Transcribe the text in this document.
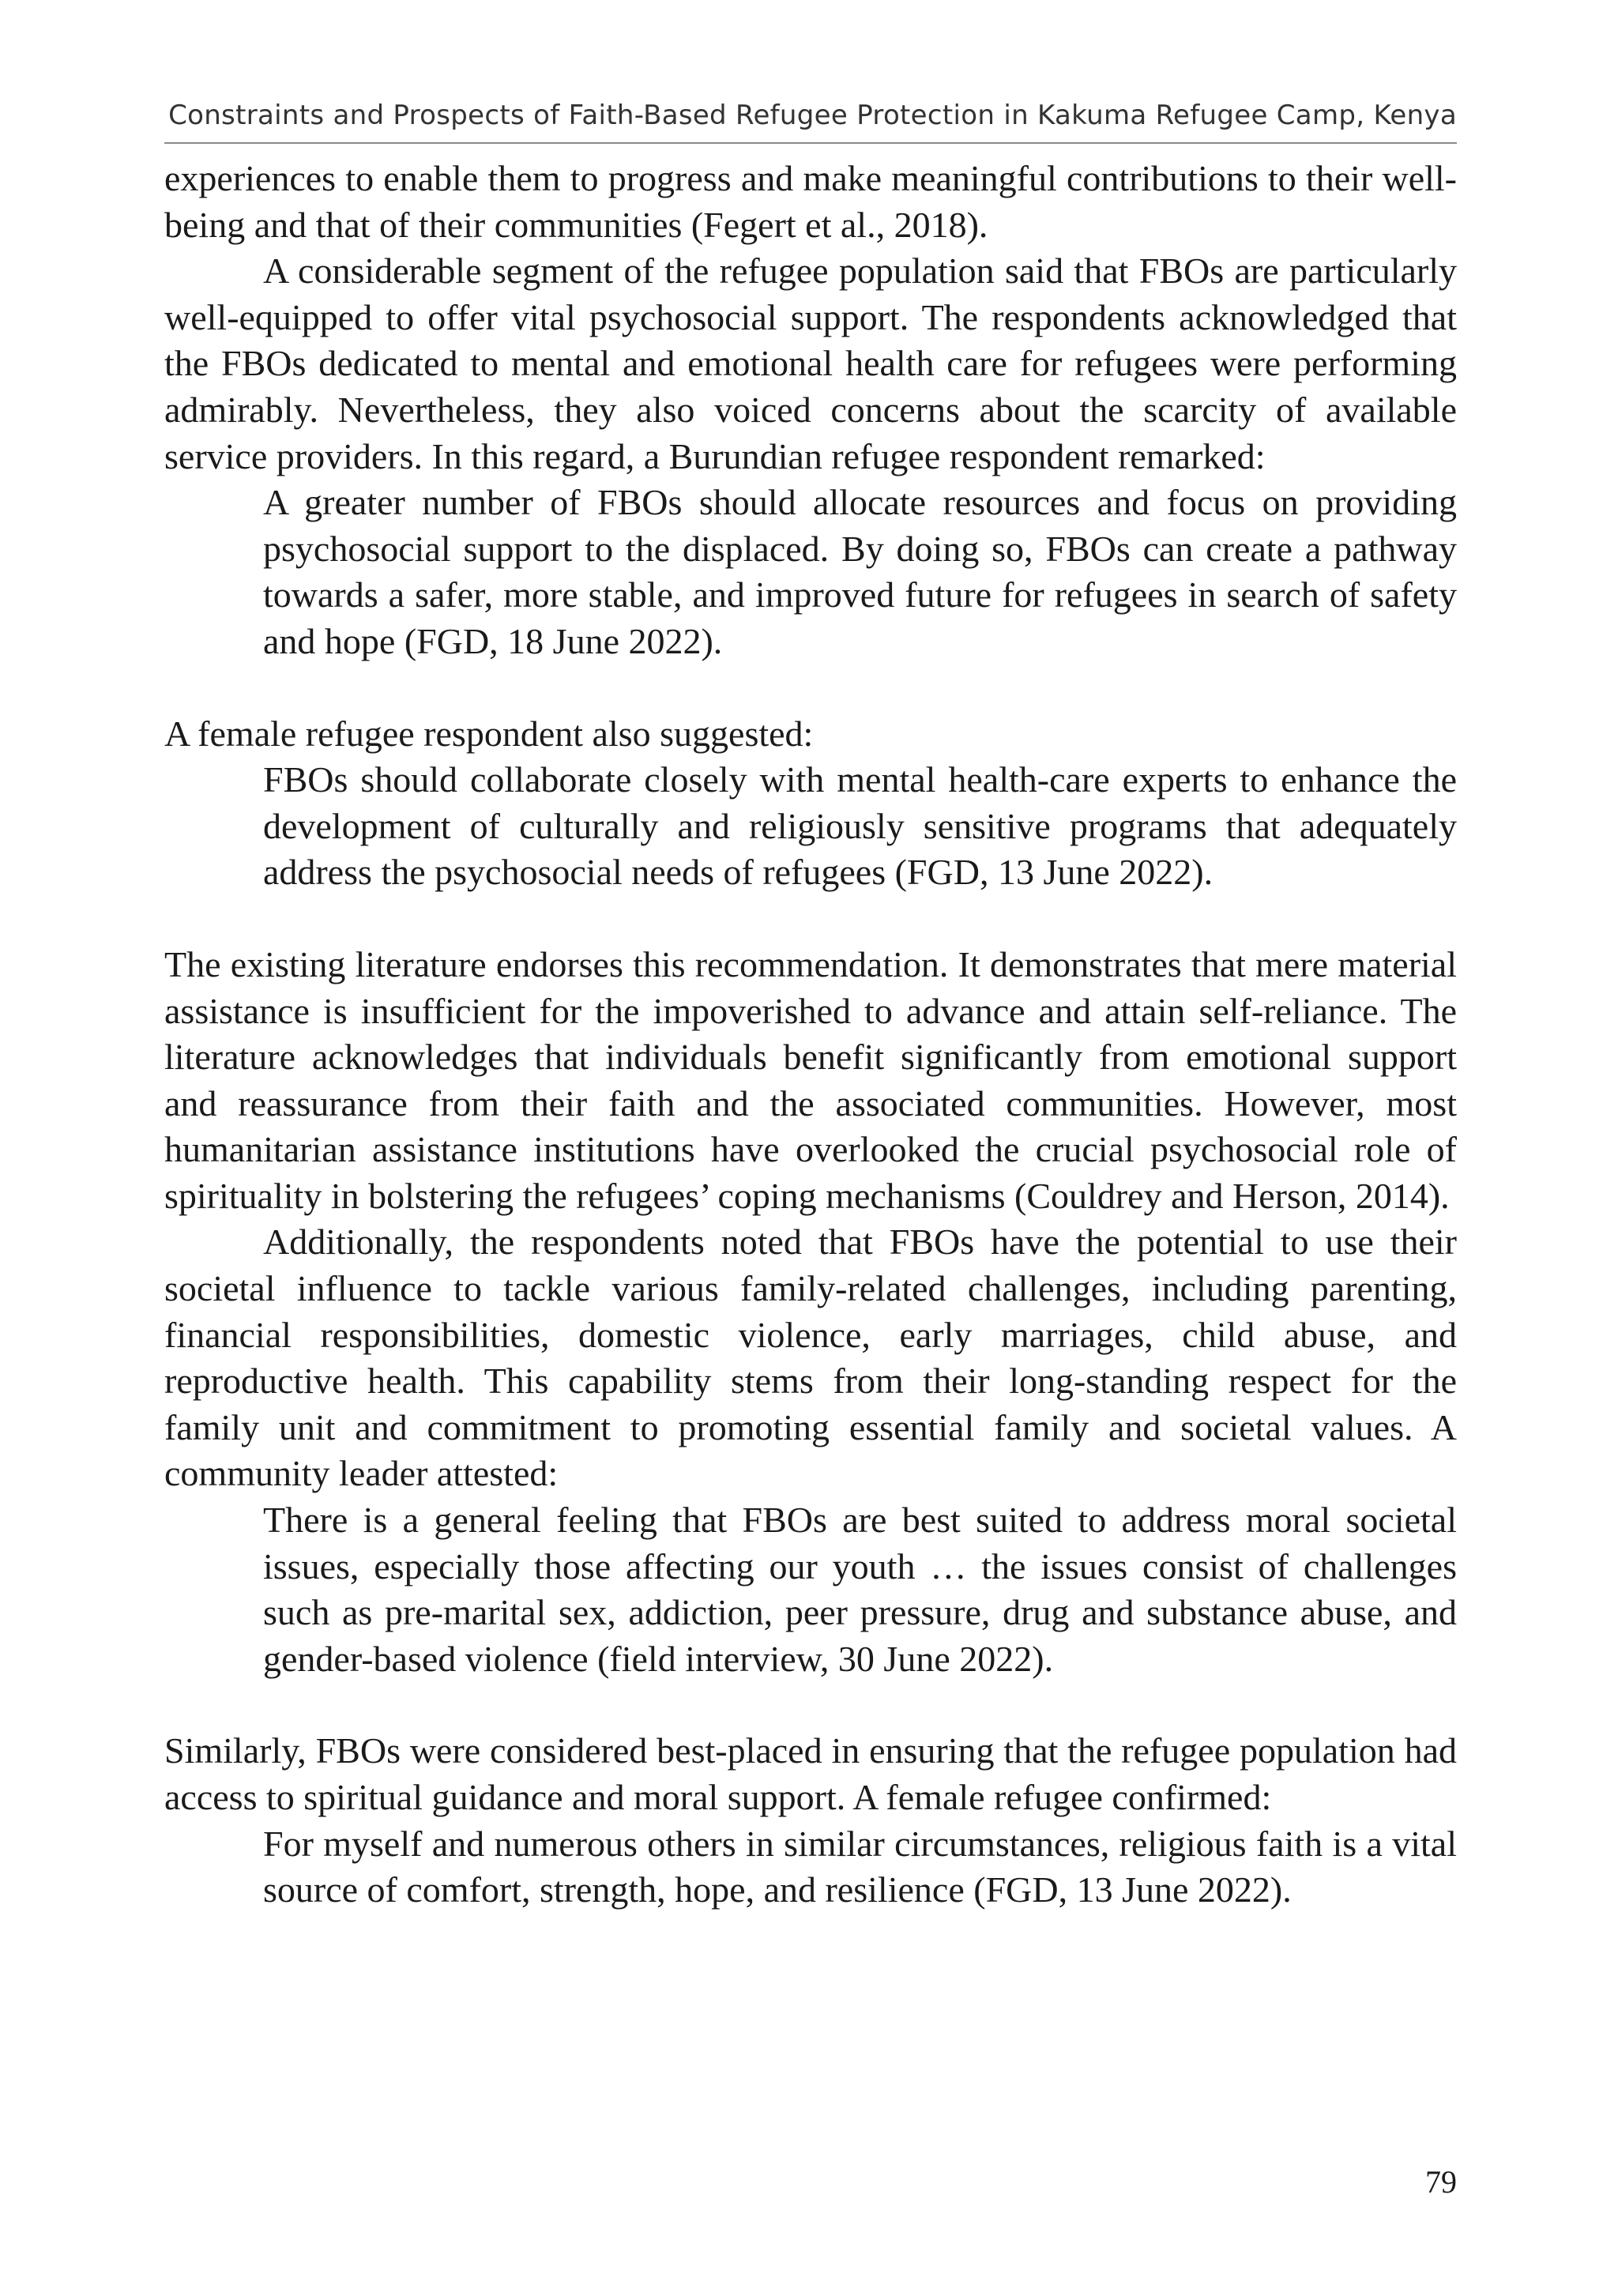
Constraints and Prospects of Faith-Based Refugee Protection in Kakuma Refugee Camp, Kenya

experiences to enable them to progress and make meaningful contributions to their well-being and that of their communities (Fegert et al., 2018).

A considerable segment of the refugee population said that FBOs are particularly well-equipped to offer vital psychosocial support. The respondents acknowledged that the FBOs dedicated to mental and emotional health care for refugees were performing admirably. Nevertheless, they also voiced concerns about the scarcity of available service providers. In this regard, a Burundian refugee respondent remarked:

A greater number of FBOs should allocate resources and focus on providing psychosocial support to the displaced. By doing so, FBOs can create a pathway towards a safer, more stable, and improved future for refugees in search of safety and hope (FGD, 18 June 2022).

A female refugee respondent also suggested:

FBOs should collaborate closely with mental health-care experts to enhance the development of culturally and religiously sensitive programs that adequately address the psychosocial needs of refugees (FGD, 13 June 2022).

The existing literature endorses this recommendation. It demonstrates that mere material assistance is insufficient for the impoverished to advance and attain self-reliance. The literature acknowledges that individuals benefit significantly from emotional support and reassurance from their faith and the associated communities. However, most humanitarian assistance institutions have overlooked the crucial psychosocial role of spirituality in bolstering the refugees’ coping mechanisms (Couldrey and Herson, 2014).

Additionally, the respondents noted that FBOs have the potential to use their societal influence to tackle various family-related challenges, including parenting, financial responsibilities, domestic violence, early marriages, child abuse, and reproductive health. This capability stems from their long-standing respect for the family unit and commitment to promoting essential family and societal values. A community leader attested:

There is a general feeling that FBOs are best suited to address moral societal issues, especially those affecting our youth … the issues consist of challenges such as pre-marital sex, addiction, peer pressure, drug and substance abuse, and gender-based violence (field interview, 30 June 2022).

Similarly, FBOs were considered best-placed in ensuring that the refugee population had access to spiritual guidance and moral support. A female refugee confirmed:

For myself and numerous others in similar circumstances, religious faith is a vital source of comfort, strength, hope, and resilience (FGD, 13 June 2022).

79
